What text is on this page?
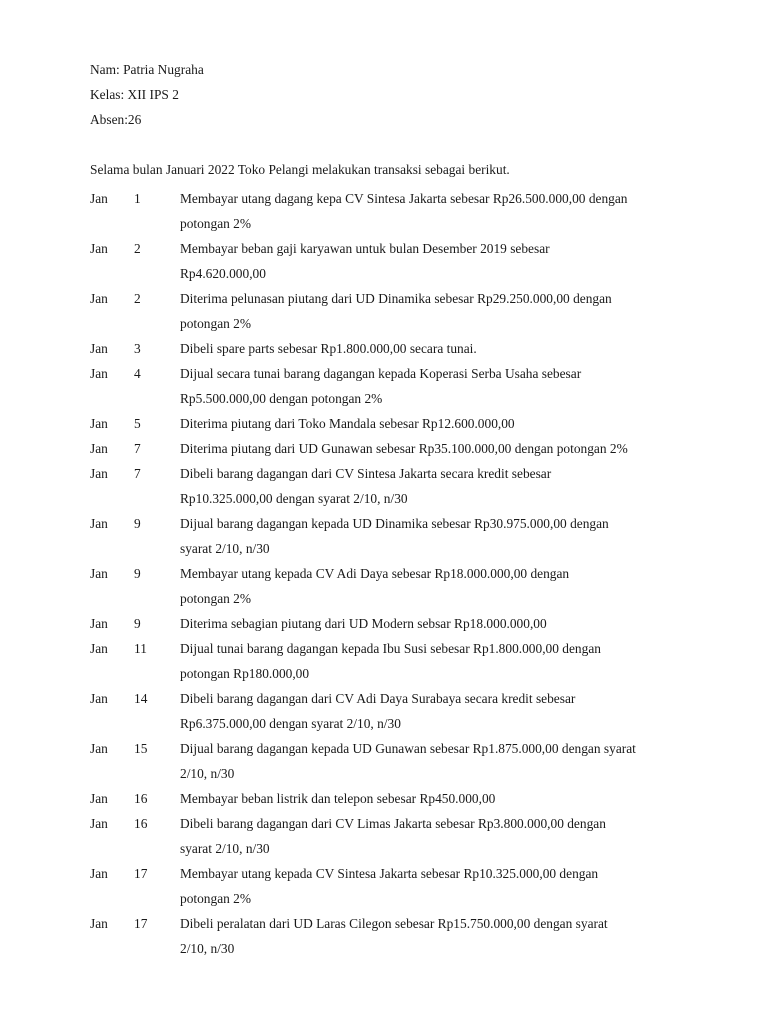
Nam: Patria Nugraha
Kelas: XII IPS 2
Absen:26
Selama bulan Januari 2022 Toko Pelangi melakukan transaksi sebagai berikut.
Jan 1	Membayar utang dagang kepa CV Sintesa Jakarta sebesar Rp26.500.000,00 dengan
potongan 2%
Jan 2	Membayar beban gaji karyawan untuk bulan Desember 2019 sebesar
Rp4.620.000,00
Jan 2	Diterima pelunasan piutang dari UD Dinamika sebesar Rp29.250.000,00 dengan
potongan 2%
Jan 3	Dibeli spare parts sebesar Rp1.800.000,00 secara tunai.
Jan 4	Dijual secara tunai barang dagangan kepada Koperasi Serba Usaha sebesar
Rp5.500.000,00 dengan potongan 2%
Jan 5	Diterima piutang dari Toko Mandala sebesar Rp12.600.000,00
Jan 7	Diterima piutang dari UD Gunawan sebesar Rp35.100.000,00 dengan potongan 2%
Jan 7	Dibeli barang dagangan dari CV Sintesa Jakarta secara kredit sebesar
Rp10.325.000,00 dengan syarat 2/10, n/30
Jan 9	Dijual barang dagangan kepada UD Dinamika sebesar Rp30.975.000,00 dengan
syarat 2/10, n/30
Jan 9	Membayar utang kepada CV Adi Daya sebesar Rp18.000.000,00 dengan
potongan 2%
Jan 9	Diterima sebagian piutang dari UD Modern sebsar Rp18.000.000,00
Jan 11 Dijual tunai barang dagangan kepada Ibu Susi sebesar Rp1.800.000,00 dengan
potongan Rp180.000,00
Jan 14 Dibeli barang dagangan dari CV Adi Daya Surabaya secara kredit sebesar
Rp6.375.000,00 dengan syarat 2/10, n/30
Jan 15 Dijual barang dagangan kepada UD Gunawan sebesar Rp1.875.000,00 dengan syarat
2/10, n/30
Jan 16 Membayar beban listrik dan telepon sebesar Rp450.000,00
Jan 16 Dibeli barang dagangan dari CV Limas Jakarta sebesar Rp3.800.000,00 dengan
syarat 2/10, n/30
Jan 17 Membayar utang kepada CV Sintesa Jakarta sebesar Rp10.325.000,00 dengan
potongan 2%
Jan 17 Dibeli peralatan dari UD Laras Cilegon sebesar Rp15.750.000,00 dengan syarat
2/10, n/30
